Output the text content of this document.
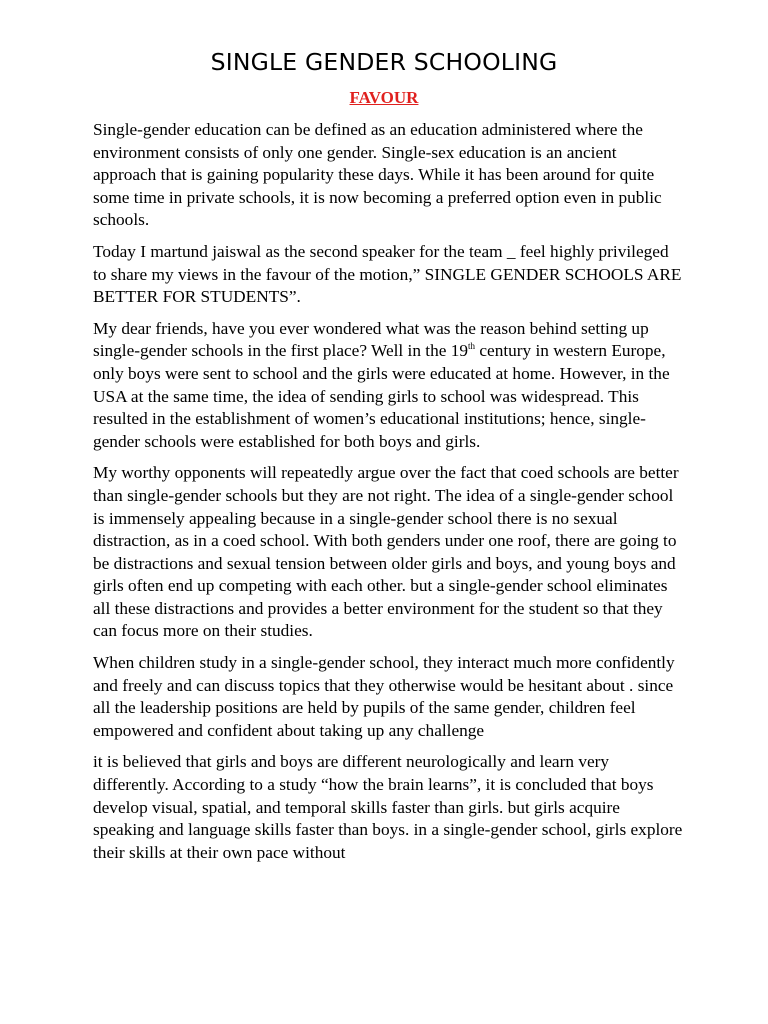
SINGLE GENDER SCHOOLING
FAVOUR

Single-gender education can be defined as an education administered where the environment consists of only one gender. Single-sex education is an ancient approach that is gaining popularity these days. While it has been around for quite some time in private schools, it is now becoming a preferred option even in public schools.

Today I martund jaiswal as the second speaker for the team _ feel highly privileged to share my views in the favour of the motion,” SINGLE GENDER SCHOOLS ARE BETTER FOR STUDENTS”.

My dear friends, have you ever wondered what was the reason behind setting up single-gender schools in the first place? Well in the 19th century in western Europe, only boys were sent to school and the girls were educated at home. However, in the USA at the same time, the idea of sending girls to school was widespread. This resulted in the establishment of women’s educational institutions; hence, single-gender schools were established for both boys and girls.

My worthy opponents will repeatedly argue over the fact that coed schools are better than single-gender schools but they are not right. The idea of a single-gender school is immensely appealing because in a single-gender school there is no sexual distraction, as in a coed school. With both genders under one roof, there are going to be distractions and sexual tension between older girls and boys, and young boys and girls often end up competing with each other. but a single-gender school eliminates all these distractions and provides a better environment for the student so that they can focus more on their studies.

When children study in a single-gender school, they interact much more confidently and freely and can discuss topics that they otherwise would be hesitant about . since all the leadership positions are held by pupils of the same gender, children feel empowered and confident about taking up any challenge

it is believed that girls and boys are different neurologically and learn very differently. According to a study “how the brain learns”, it is concluded that boys develop visual, spatial, and temporal skills faster than girls. but girls acquire speaking and language skills faster than boys. in a single-gender school, girls explore their skills at their own pace without
